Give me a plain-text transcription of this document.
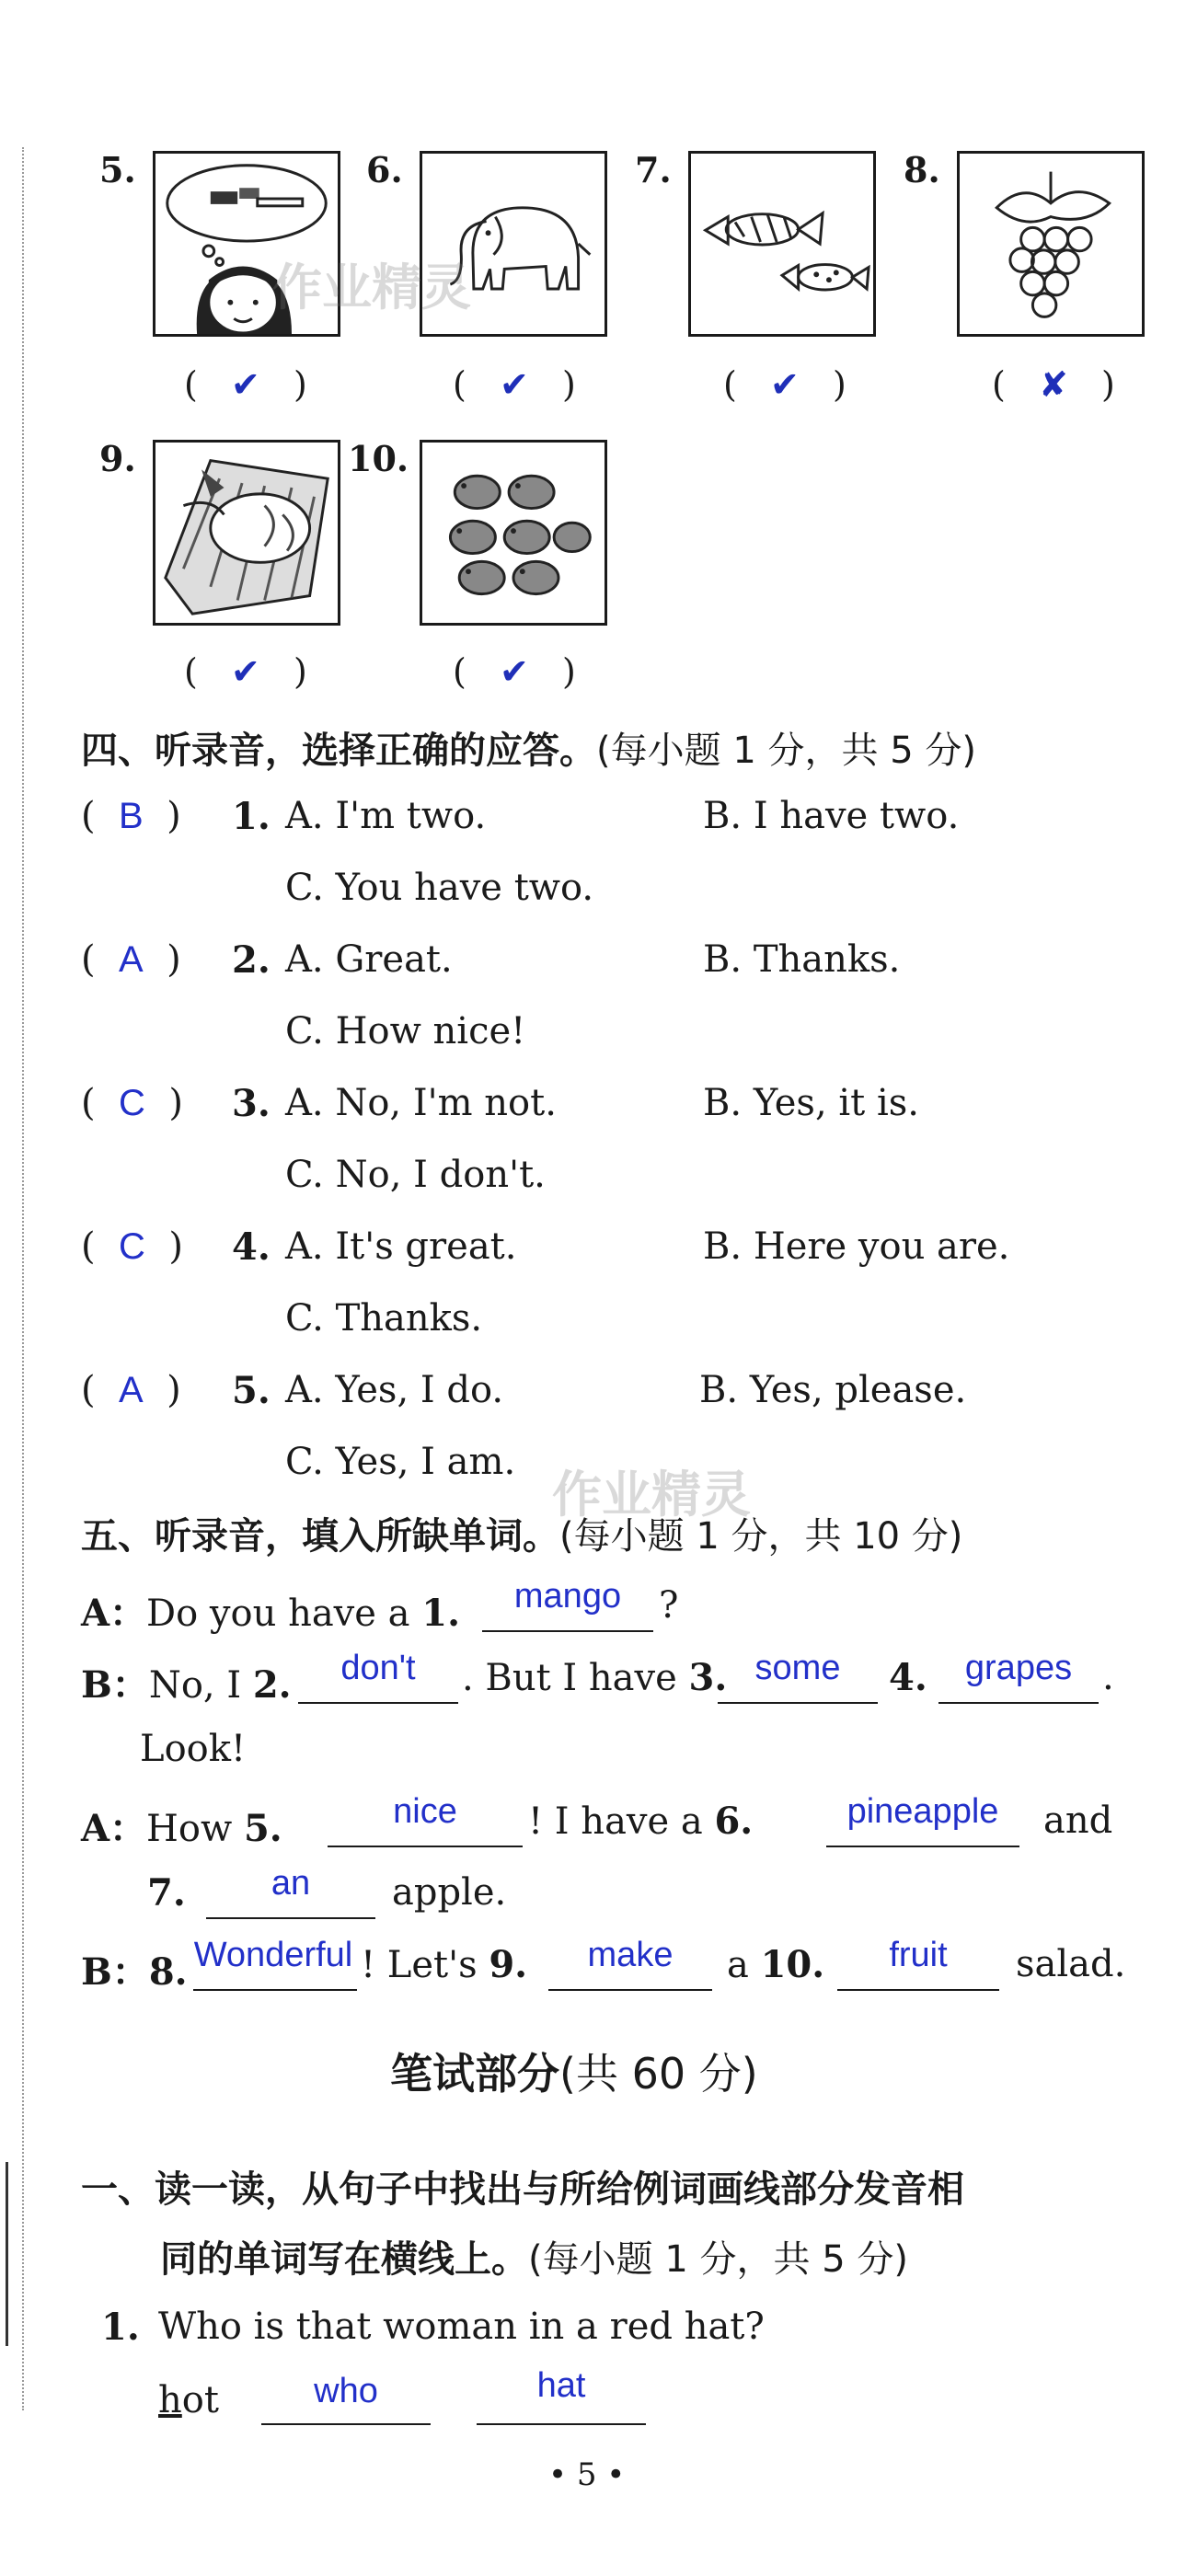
5.	6.	7.	8.
( ✔ )	( ✔ )	( ✔ )	( ✘ )
9.	10.
( ✔ )	( ✔ )
四、听录音，选择正确的应答。(每小题 1 分，共 5 分)
(  B  ) 1. A. I'm two.	B. I have two.
C. You have two.
(  A  ) 2. A. Great.	B. Thanks.
C. How nice!
(  C  ) 3. A. No, I'm not.	B. Yes, it is.
C. No, I don't.
(  C  ) 4. A. It's great.	B. Here you are.
C. Thanks.
(  A  ) 5. A. Yes, I do.	B. Yes, please.
C. Yes, I am.
五、听录音，填入所缺单词。(每小题 1 分，共 10 分)
A：Do you have a 1.	mango	?
B：No, I 2.	don't	. But I have 3. some	4.	grapes .
Look!
A：How 5.	nice	! I have a 6.	pineapple	and
7.	an	apple.
B：8. Wonderful ! Let's 9.	make	a 10.	fruit	salad.
笔试部分(共 60 分)
一、读一读，从句子中找出与所给例词画线部分发音相
同的单词写在横线上。(每小题 1 分，共 5 分)
1. Who is that woman in a red hat?
hot	who	hat
作业精灵
作业精灵
• 5 •
